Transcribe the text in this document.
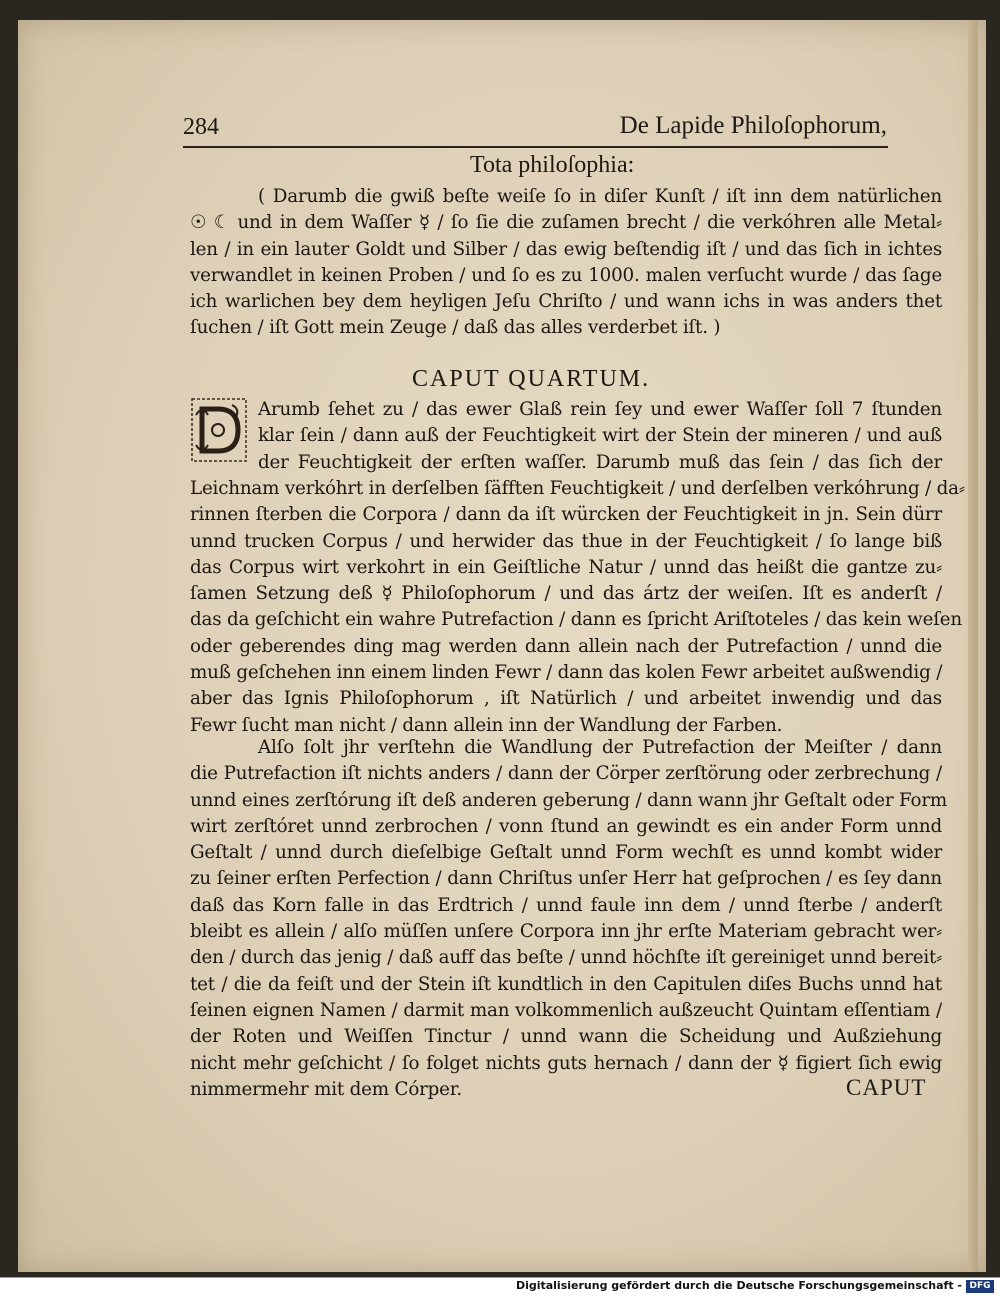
284	De Lapide Philoſophorum,
Tota philoſophia:
( Darumb die gwiß beſte weiſe ſo in diſer Kunſt / iſt inn dem natürlichen
☉ ☾ und in dem Waſſer ☿ / ſo ſie die zuſamen brecht / die verkóhren alle Metal⸗
len / in ein lauter Goldt und Silber / das ewig beſtendig iſt / und das ſich in ichtes
verwandlet in keinen Proben / und ſo es zu 1000. malen verſucht wurde / das ſage
ich warlichen bey dem heyligen Jeſu Chriſto / und wann ichs in was anders thet
ſuchen / iſt Gott mein Zeuge / daß das alles verderbet iſt. )
CAPUT QUARTUM.
Arumb ſehet zu / das ewer Glaß rein ſey und ewer Waſſer ſoll 7 ſtunden
klar ſein / dann auß der Feuchtigkeit wirt der Stein der mineren / und auß
der Feuchtigkeit der erſten waſſer. Darumb muß das ſein / das ſich der
Leichnam verkóhrt in derſelben ſäfften Feuchtigkeit / und derſelben verkóhrung / da⸗
rinnen ſterben die Corpora / dann da iſt würcken der Feuchtigkeit in jn. Sein dürr
unnd trucken Corpus / und herwider das thue in der Feuchtigkeit / ſo lange biß
das Corpus wirt verkohrt in ein Geiſtliche Natur / unnd das heißt die gantze zu⸗
ſamen Setzung deß ☿ Philoſophorum / und das ártz der weiſen. Iſt es anderſt /
das da geſchicht ein wahre Putrefaction / dann es ſpricht Ariſtoteles / das kein weſen
oder geberendes ding mag werden dann allein nach der Putrefaction / unnd die
muß geſchehen inn einem linden Fewr / dann das kolen Fewr arbeitet außwendig /
aber das Ignis Philoſophorum , iſt Natürlich / und arbeitet inwendig und das
Fewr ſucht man nicht / dann allein inn der Wandlung der Farben.
Alſo ſolt jhr verſtehn die Wandlung der Putrefaction der Meiſter / dann
die Putrefaction iſt nichts anders / dann der Cörper zerſtörung oder zerbrechung /
unnd eines zerſtórung iſt deß anderen geberung / dann wann jhr Geſtalt oder Form
wirt zerſtóret unnd zerbrochen / vonn ſtund an gewindt es ein ander Form unnd
Geſtalt / unnd durch dieſelbige Geſtalt unnd Form wechſt es unnd kombt wider
zu ſeiner erſten Perfection / dann Chriſtus unſer Herr hat geſprochen / es ſey dann
daß das Korn falle in das Erdtrich / unnd faule inn dem / unnd ſterbe / anderſt
bleibt es allein / alſo müſſen unſere Corpora inn jhr erſte Materiam gebracht wer⸗
den / durch das jenig / daß auff das beſte / unnd höchſte iſt gereiniget unnd bereit⸗
tet / die da feiſt und der Stein iſt kundtlich in den Capitulen diſes Buchs unnd hat
ſeinen eignen Namen / darmit man volkommenlich außzeucht Quintam eſſentiam /
der Roten und Weiſſen Tinctur / unnd wann die Scheidung und Außziehung
nicht mehr geſchicht / ſo folget nichts guts hernach / dann der ☿ figiert ſich ewig
nimmermehr mit dem Córper.	CAPUT
Digitalisierung gefördert durch die Deutsche Forschungsgemeinschaft - DFG
